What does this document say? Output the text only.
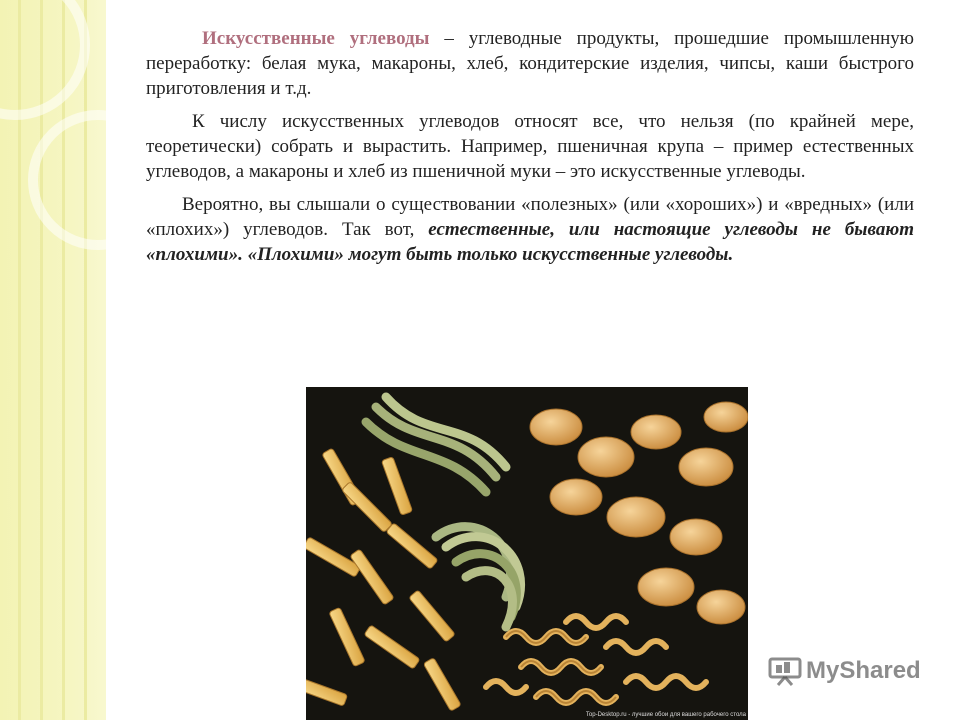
Искусственные углеводы – углеводные продукты, прошедшие промышленную переработку: белая мука, макароны, хлеб, кондитерские изделия, чипсы, каши быстрого приготовления и т.д.

К числу искусственных углеводов относят все, что нельзя (по крайней мере, теоретически) собрать и вырастить. Например, пшеничная крупа – пример естественных углеводов, а макароны и хлеб из пшеничной муки – это искусственные углеводы.

Вероятно, вы слышали о существовании «полезных» (или «хороших») и «вредных» (или «плохих») углеводов. Так вот, естественные, или настоящие углеводы не бывают «плохими». «Плохими» могут быть только искусственные углеводы.

Top-Desktop.ru - лучшие обои для вашего рабочего стола
MyShared
